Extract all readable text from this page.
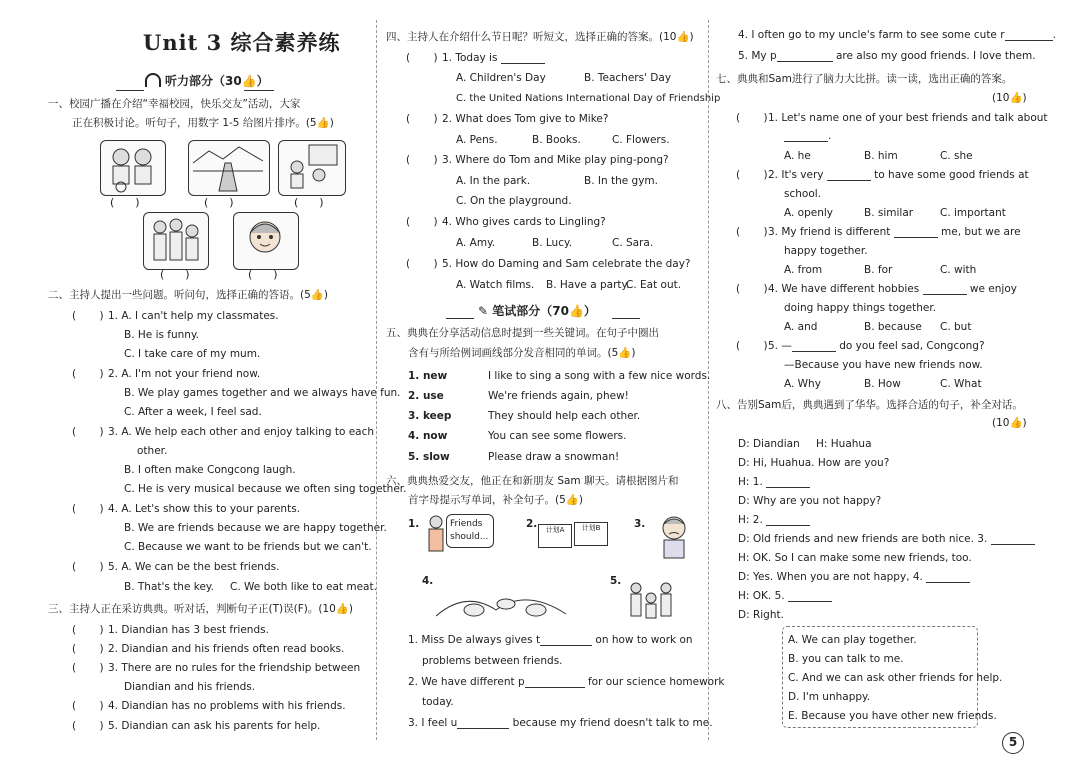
Unit 3 综合素养练
听力部分（30👍）
一、校园广播在介绍“幸福校园，快乐交友”活动，大家
正在积极讨论。听句子，用数字 1-5 给图片排序。(5👍)
(      )	(      )	(      )
(      )	(      )
二、主持人提出一些问题。听问句，选择正确的答语。(5👍)
(       ) 1. A. I can't help my classmates.
B. He is funny.
C. I take care of my mum.
(       ) 2. A. I'm not your friend now.
B. We play games together and we always have fun.
C. After a week, I feel sad.
(       ) 3. A. We help each other and enjoy talking to each
other.
B. I often make Congcong laugh.
C. He is very musical because we often sing together.
(       ) 4. A. Let's show this to your parents.
B. We are friends because we are happy together.
C. Because we want to be friends but we can't.
(       ) 5. A. We can be the best friends.
B. That's the key. C. We both like to eat meat.
三、主持人正在采访典典。听对话，判断句子正(T)误(F)。(10👍)
(       ) 1. Diandian has 3 best friends.
(       ) 2. Diandian and his friends often read books.
(       ) 3. There are no rules for the friendship between
Diandian and his friends.
(       ) 4. Diandian has no problems with his friends.
(       ) 5. Diandian can ask his parents for help.
四、主持人在介绍什么节日呢？听短文，选择正确的答案。(10👍)
(       ) 1. Today is
A. Children's Day	B. Teachers' Day
C. the United Nations International Day of Friendship
(       ) 2. What does Tom give to Mike?
A. Pens.	B. Books.	C. Flowers.
(       ) 3. Where do Tom and Mike play ping-pong?
A. In the park.	B. In the gym.
C. On the playground.
(       ) 4. Who gives cards to Lingling?
A. Amy.	B. Lucy.	C. Sara.
(       ) 5. How do Daming and Sam celebrate the day?
A. Watch films. B. Have a party.
C. Eat out.
✎ 笔试部分（70👍）
五、典典在分享活动信息时提到一些关键词。在句子中圈出
含有与所给例词画线部分发音相同的单词。(5👍)
1. new	I like to sing a song with a few nice words.
2. use	We're friends again, phew!
3. keep	They should help each other.
4. now	You can see some flowers.
5. slow	Please draw a snowman!
六、典典热爱交友，他正在和新朋友 Sam 聊天。请根据图片和
首字母提示写单词，补全句子。(5👍)
1.	Friends
should...
2.	计划A	计划B	3.
4.	5.
1. Miss De always gives t	on how to work on
problems between friends.
2. We have different p	for our science homework
today.
3. I feel u	because my friend doesn't talk to me.
4. I often go to my uncle's farm to see some cute r	.
5. My p	are also my good friends. I love them.
七、典典和Sam进行了脑力大比拼。读一读，选出正确的答案。
(10👍)
(       ) 1. Let's name one of your best friends and talk about
.
A. he	B. him	C. she
(       ) 2. It's very	to have some good friends at
school.
A. openly	B. similar	C. important
(       ) 3. My friend is different	me, but we are
happy together.
A. from	B. for	C. with
(       ) 4. We have different hobbies	we enjoy
doing happy things together.
A. and	B. because C. but
(       ) 5. —	do you feel sad, Congcong?
—Because you have new friends now.
A. Why	B. How	C. What
八、告别Sam后，典典遇到了华华。选择合适的句子，补全对话。
(10👍)
D: Diandian H: Huahua
D: Hi, Huahua. How are you?
H: 1.
D: Why are you not happy?
H: 2.
D: Old friends and new friends are both nice. 3.
H: OK. So I can make some new friends, too.
D: Yes. When you are not happy, 4.
H: OK. 5.
D: Right.
A. We can play together.
B. you can talk to me.
C. And we can ask other friends for help.
D. I'm unhappy.
E. Because you have other new friends.
5
